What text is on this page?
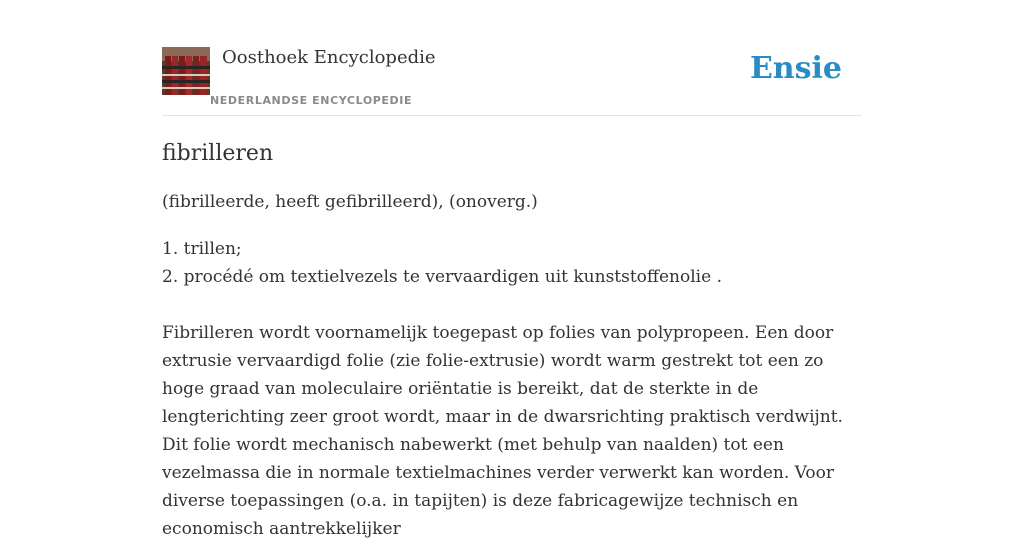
Oosthoek Encyclopedie
NEDERLANDSE ENCYCLOPEDIE
Ensie
fibrilleren

(fibrilleerde, heeft gefibrilleerd), (onoverg.)

1. trillen;
2. procédé om textielvezels te vervaardigen uit kunststoffenolie .

Fibrilleren wordt voornamelijk toegepast op folies van polypropeen. Een door extrusie vervaardigd folie (zie folie-extrusie) wordt warm gestrekt tot een zo hoge graad van moleculaire oriëntatie is bereikt, dat de sterkte in de lengterichting zeer groot wordt, maar in de dwarsrichting praktisch verdwijnt. Dit folie wordt mechanisch nabewerkt (met behulp van naalden) tot een vezelmassa die in normale textielmachines verder verwerkt kan worden. Voor diverse toepassingen (o.a. in tapijten) is deze fabricagewijze technisch en economisch aantrekkelijker
